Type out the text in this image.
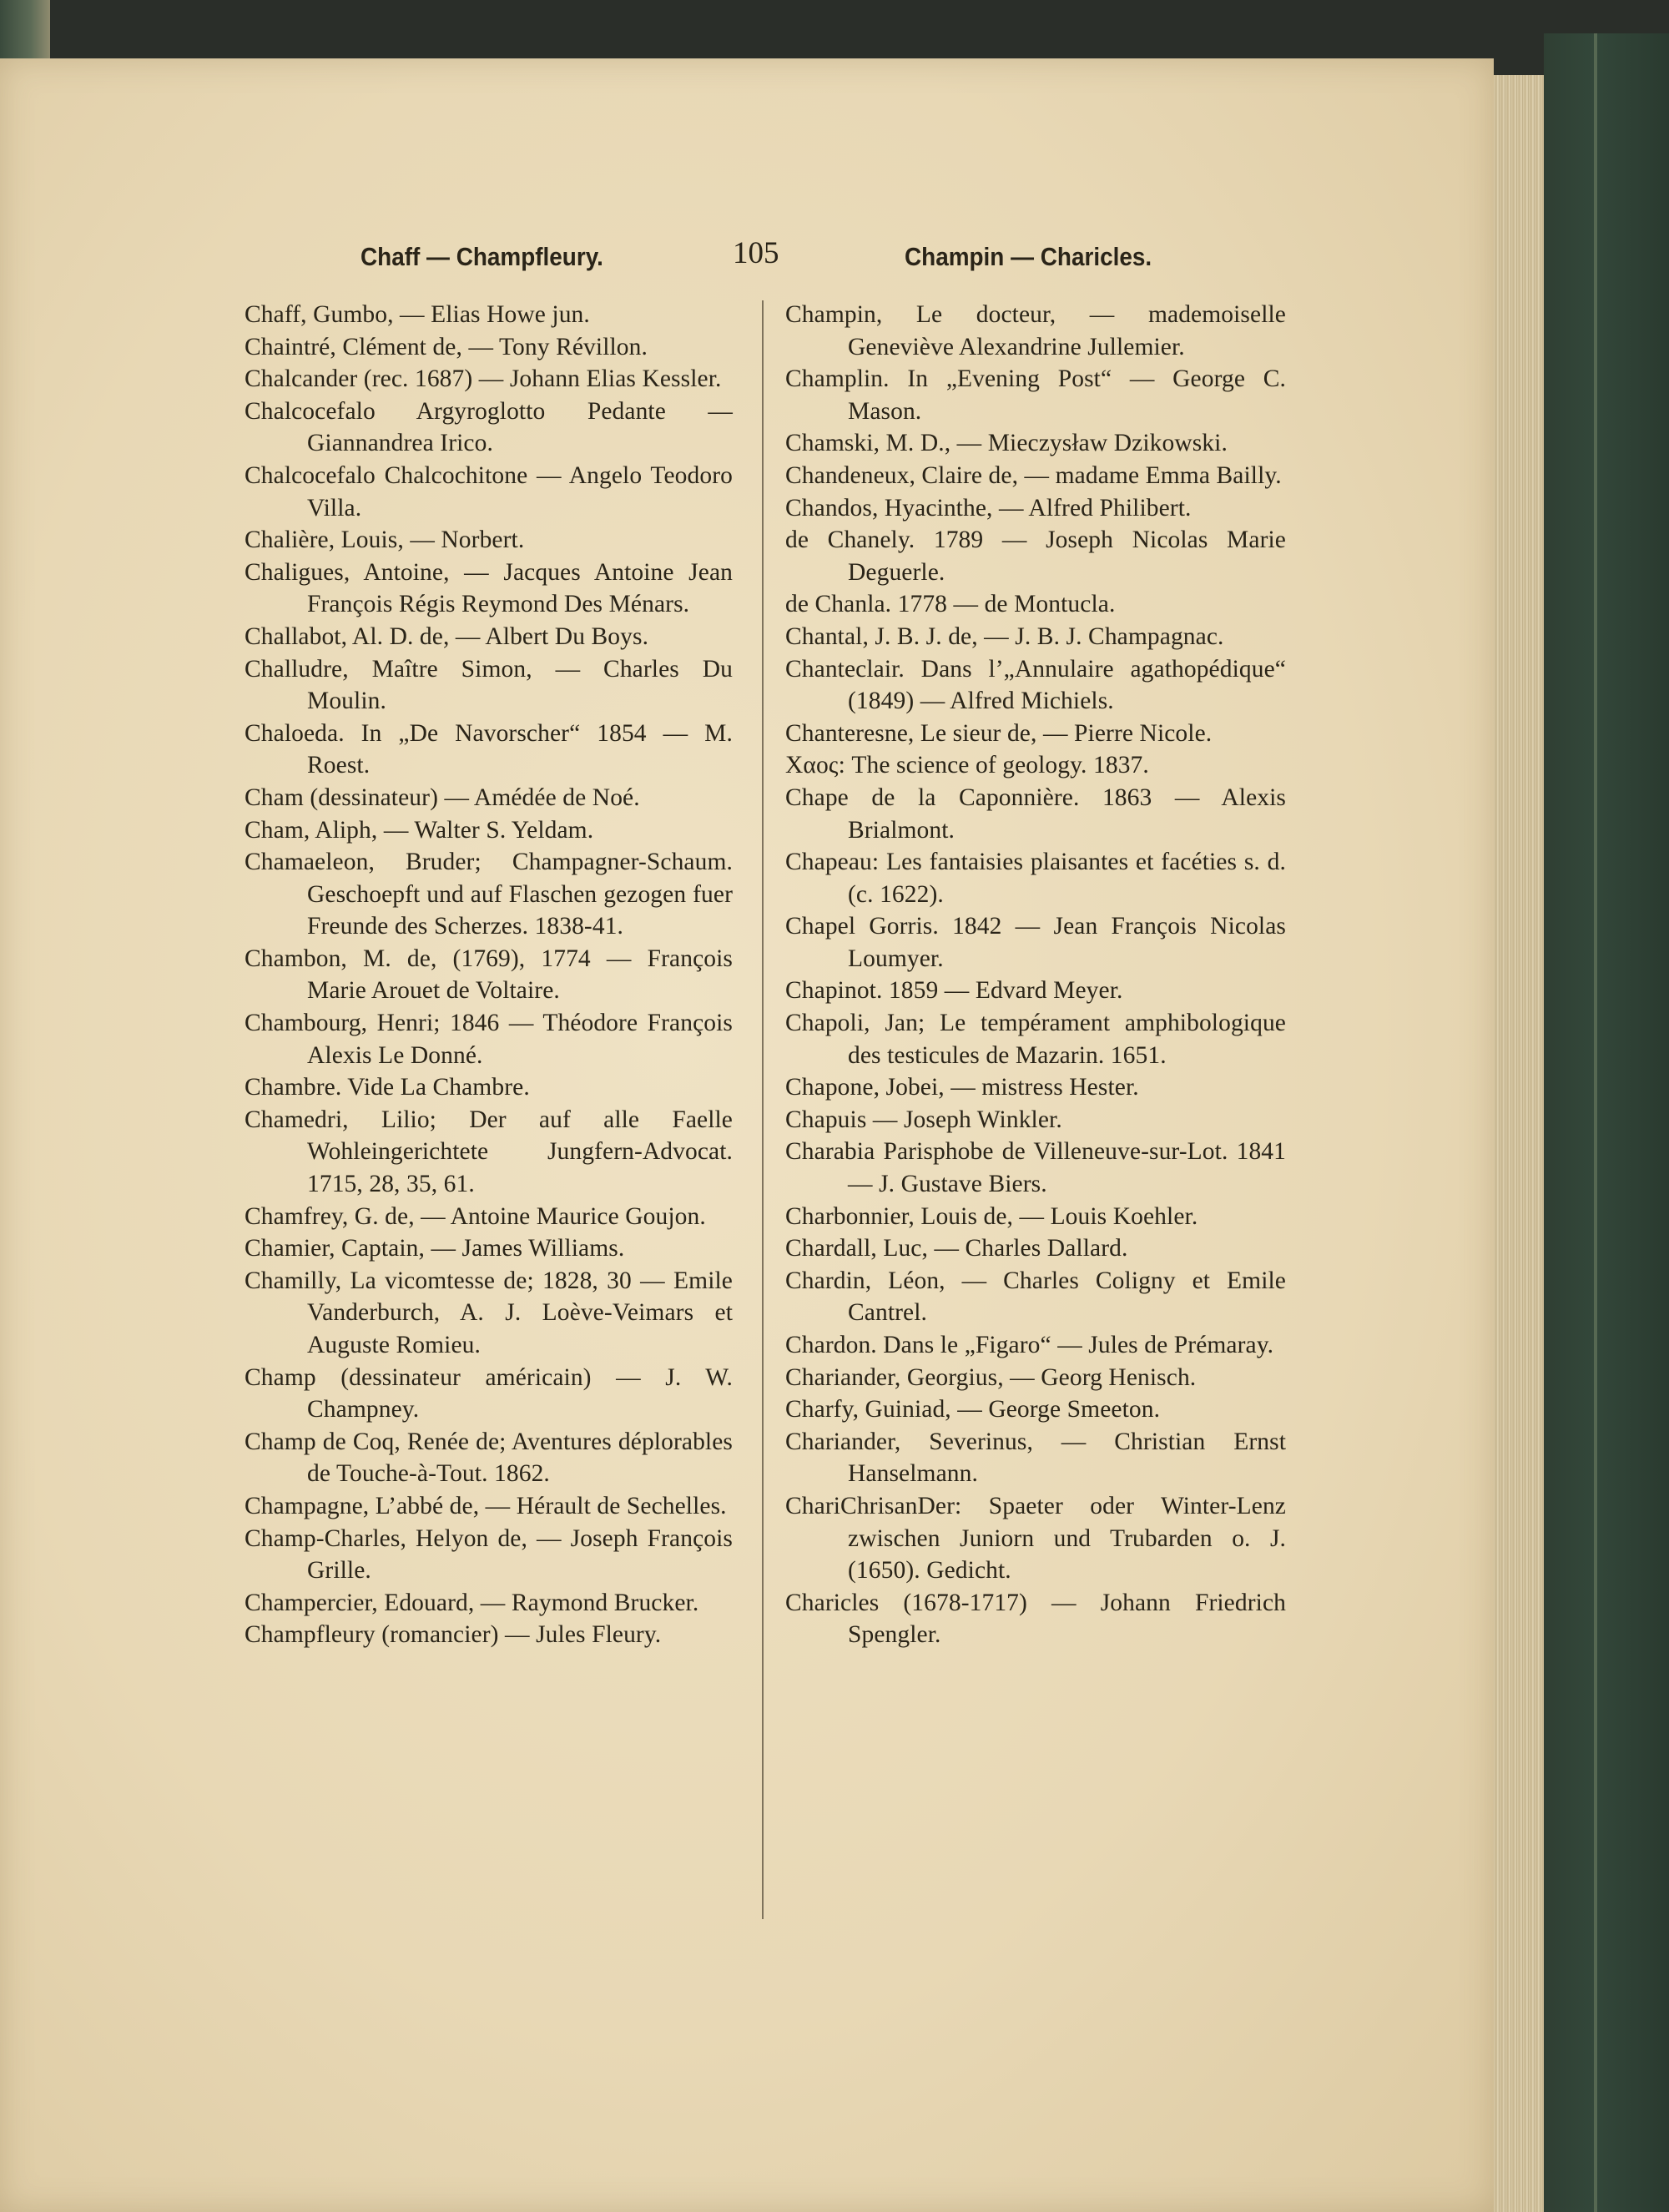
Chaff — Champfleury.	105	Champin — Charicles.

Chaff, Gumbo, — Elias Howe jun.

Chaintré, Clément de, — Tony Révillon.

Chalcander (rec. 1687) — Johann Elias Kessler.

Chalcocefalo Argyroglotto Pedante — Giannandrea Irico.

Chalcocefalo Chalcochitone — Angelo Teodoro Villa.

Chalière, Louis, — Norbert.

Chaligues, Antoine, — Jacques Antoine Jean François Régis Reymond Des Ménars.

Challabot, Al. D. de, — Albert Du Boys.

Challudre, Maître Simon, — Charles Du Moulin.

Chaloeda. In „De Navorscher“ 1854 — M. Roest.

Cham (dessinateur) — Amédée de Noé.

Cham, Aliph, — Walter S. Yeldam.

Chamaeleon, Bruder; Champagner-Schaum. Geschoepft und auf Flaschen gezogen fuer Freunde des Scherzes. 1838-41.

Chambon, M. de, (1769), 1774 — François Marie Arouet de Voltaire.

Chambourg, Henri; 1846 — Théodore François Alexis Le Donné.

Chambre. Vide La Chambre.

Chamedri, Lilio; Der auf alle Faelle Wohleingerichtete Jungfern-Advocat. 1715, 28, 35, 61.

Chamfrey, G. de, — Antoine Maurice Goujon.

Chamier, Captain, — James Williams.

Chamilly, La vicomtesse de; 1828, 30 — Emile Vanderburch, A. J. Loève-Veimars et Auguste Romieu.

Champ (dessinateur américain) — J. W. Champney.

Champ de Coq, Renée de; Aventures déplorables de Touche-à-Tout. 1862.

Champagne, L’abbé de, — Hérault de Sechelles.

Champ-Charles, Helyon de, — Joseph François Grille.

Champercier, Edouard, — Raymond Brucker.

Champfleury (romancier) — Jules Fleury.

Champin, Le docteur, — mademoiselle Geneviève Alexandrine Jullemier.

Champlin. In „Evening Post“ — George C. Mason.

Chamski, M. D., — Mieczysław Dzikowski.

Chandeneux, Claire de, — madame Emma Bailly.

Chandos, Hyacinthe, — Alfred Philibert.

de Chanely. 1789 — Joseph Nicolas Marie Deguerle.

de Chanla. 1778 — de Montucla.

Chantal, J. B. J. de, — J. B. J. Champagnac.

Chanteclair. Dans l’„Annulaire agathopédique“ (1849) — Alfred Michiels.

Chanteresne, Le sieur de, — Pierre Nicole.

Χαος: The science of geology. 1837.

Chape de la Caponnière. 1863 — Alexis Brialmont.

Chapeau: Les fantaisies plaisantes et facéties s. d. (c. 1622).

Chapel Gorris. 1842 — Jean François Nicolas Loumyer.

Chapinot. 1859 — Edvard Meyer.

Chapoli, Jan; Le tempérament amphibologique des testicules de Mazarin. 1651.

Chapone, Jobei, — mistress Hester.

Chapuis — Joseph Winkler.

Charabia Parisphobe de Villeneuve-sur-Lot. 1841 — J. Gustave Biers.

Charbonnier, Louis de, — Louis Koehler.

Chardall, Luc, — Charles Dallard.

Chardin, Léon, — Charles Coligny et Emile Cantrel.

Chardon. Dans le „Figaro“ — Jules de Prémaray.

Chariander, Georgius, — Georg Henisch.

Charfy, Guiniad, — George Smeeton.

Chariander, Severinus, — Christian Ernst Hanselmann.

ChariChrisanDer: Spaeter oder Winter-Lenz zwischen Juniorn und Trubarden o. J. (1650). Gedicht.

Charicles (1678-1717) — Johann Friedrich Spengler.
